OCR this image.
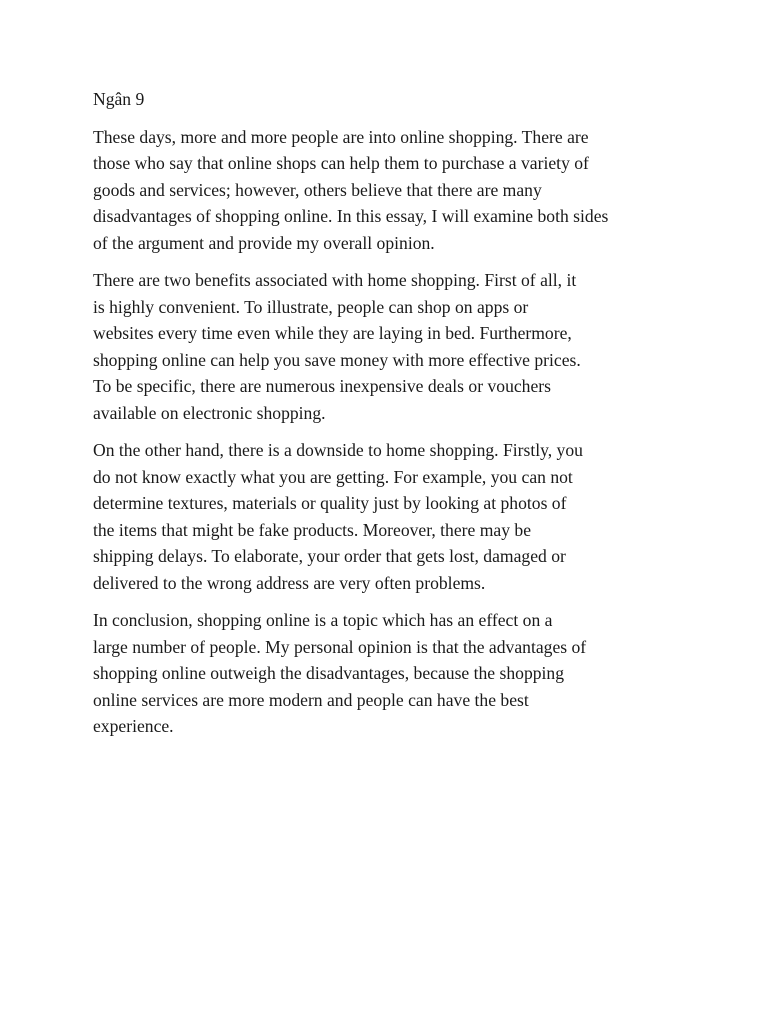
Ngân 9

These days, more and more people are into online shopping. There are
those who say that online shops can help them to purchase a variety of
goods and services; however, others believe that there are many
disadvantages of shopping online. In this essay, I will examine both sides
of the argument and provide my overall opinion.

There are two benefits associated with home shopping. First of all, it
is highly convenient. To illustrate, people can shop on apps or
websites every time even while they are laying in bed. Furthermore,
shopping online can help you save money with more effective prices.
To be specific, there are numerous inexpensive deals or vouchers
available on electronic shopping.

On the other hand, there is a downside to home shopping. Firstly, you
do not know exactly what you are getting. For example, you can not
determine textures, materials or quality just by looking at photos of
the items that might be fake products. Moreover, there may be
shipping delays. To elaborate, your order that gets lost, damaged or
delivered to the wrong address are very often problems.

In conclusion, shopping online is a topic which has an effect on a
large number of people. My personal opinion is that the advantages of
shopping online outweigh the disadvantages, because the shopping
online services are more modern and people can have the best
experience.
